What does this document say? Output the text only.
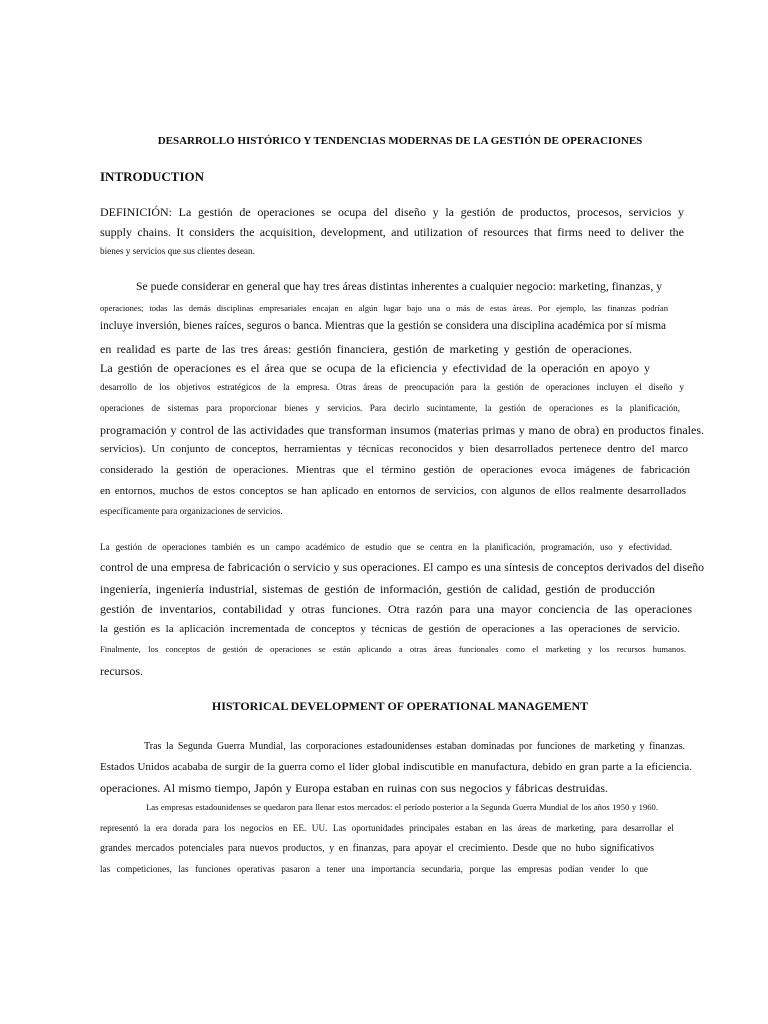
DESARROLLO HISTÓRICO Y TENDENCIAS MODERNAS DE LA GESTIÓN DE OPERACIONES
INTRODUCTION
DEFINICIÓN: La gestión de operaciones se ocupa del diseño y la gestión de productos, procesos, servicios y
supply chains. It considers the acquisition, development, and utilization of resources that firms need to deliver the
bienes y servicios que sus clientes desean.
Se puede considerar en general que hay tres áreas distintas inherentes a cualquier negocio: marketing, finanzas, y
operaciones; todas las demás disciplinas empresariales encajan en algún lugar bajo una o más de estas áreas. Por ejemplo, las finanzas podrían
incluye inversión, bienes raíces, seguros o banca. Mientras que la gestión se considera una disciplina académica por sí misma
en realidad es parte de las tres áreas: gestión financiera, gestión de marketing y gestión de operaciones.
La gestión de operaciones es el área que se ocupa de la eficiencia y efectividad de la operación en apoyo y
desarrollo de los objetivos estratégicos de la empresa. Otras áreas de preocupación para la gestión de operaciones incluyen el diseño y
operaciones de sistemas para proporcionar bienes y servicios. Para decirlo sucintamente, la gestión de operaciones es la planificación,
programación y control de las actividades que transforman insumos (materias primas y mano de obra) en productos finales.
servicios). Un conjunto de conceptos, herramientas y técnicas reconocidos y bien desarrollados pertenece dentro del marco
considerado la gestión de operaciones. Mientras que el término gestión de operaciones evoca imágenes de fabricación
en entornos, muchos de estos conceptos se han aplicado en entornos de servicios, con algunos de ellos realmente desarrollados
específicamente para organizaciones de servicios.
La gestión de operaciones también es un campo académico de estudio que se centra en la planificación, programación, uso y efectividad.
control de una empresa de fabricación o servicio y sus operaciones. El campo es una síntesis de conceptos derivados del diseño
ingeniería, ingeniería industrial, sistemas de gestión de información, gestión de calidad, gestión de producción
gestión de inventarios, contabilidad y otras funciones. Otra razón para una mayor conciencia de las operaciones
la gestión es la aplicación incrementada de conceptos y técnicas de gestión de operaciones a las operaciones de servicio.
Finalmente, los conceptos de gestión de operaciones se están aplicando a otras áreas funcionales como el marketing y los recursos humanos.
recursos.
HISTORICAL DEVELOPMENT OF OPERATIONAL MANAGEMENT
Tras la Segunda Guerra Mundial, las corporaciones estadounidenses estaban dominadas por funciones de marketing y finanzas.
Estados Unidos acababa de surgir de la guerra como el líder global indiscutible en manufactura, debido en gran parte a la eficiencia.
operaciones. Al mismo tiempo, Japón y Europa estaban en ruinas con sus negocios y fábricas destruidas.
Las empresas estadounidenses se quedaron para llenar estos mercados: el período posterior a la Segunda Guerra Mundial de los años 1950 y 1960.
representó la era dorada para los negocios en EE. UU. Las oportunidades principales estaban en las áreas de marketing, para desarrollar el
grandes mercados potenciales para nuevos productos, y en finanzas, para apoyar el crecimiento. Desde que no hubo significativos
las competiciones, las funciones operativas pasaron a tener una importancia secundaria, porque las empresas podían vender lo que
